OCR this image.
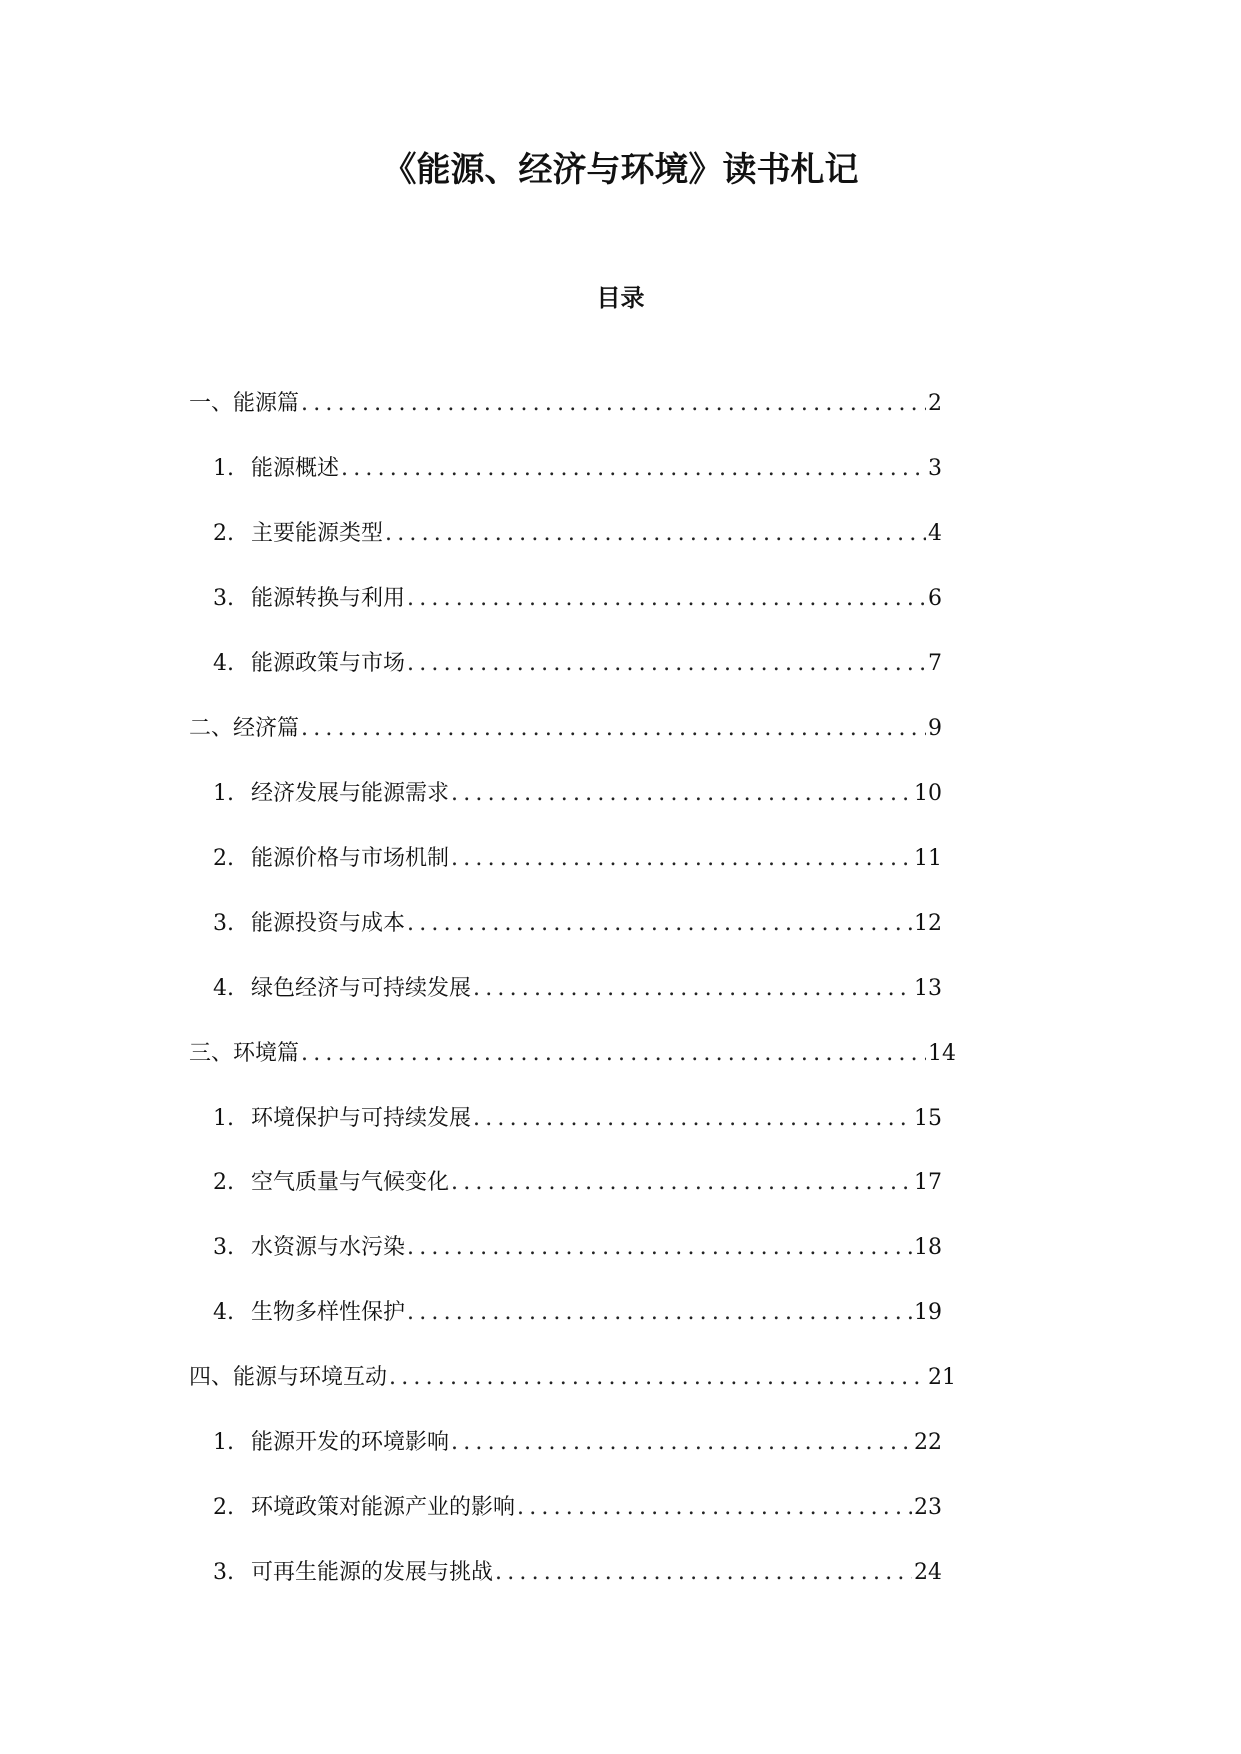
《能源、经济与环境》读书札记
目录
一、能源篇 .....	2
1. 能源概述 .....	3
2. 主要能源类型 .....	4
3. 能源转换与利用 .....	6
4. 能源政策与市场 .....	7
二、经济篇 .....	9
1. 经济发展与能源需求 .....	10
2. 能源价格与市场机制 .....	11
3. 能源投资与成本 .....	12
4. 绿色经济与可持续发展 .....	13
三、环境篇 .....	14
1. 环境保护与可持续发展 .....	15
2. 空气质量与气候变化 .....	17
3. 水资源与水污染 .....	18
4. 生物多样性保护 .....	19
四、能源与环境互动 .....	21
1. 能源开发的环境影响 .....	22
2. 环境政策对能源产业的影响 .....	23
3. 可再生能源的发展与挑战 .....	24
